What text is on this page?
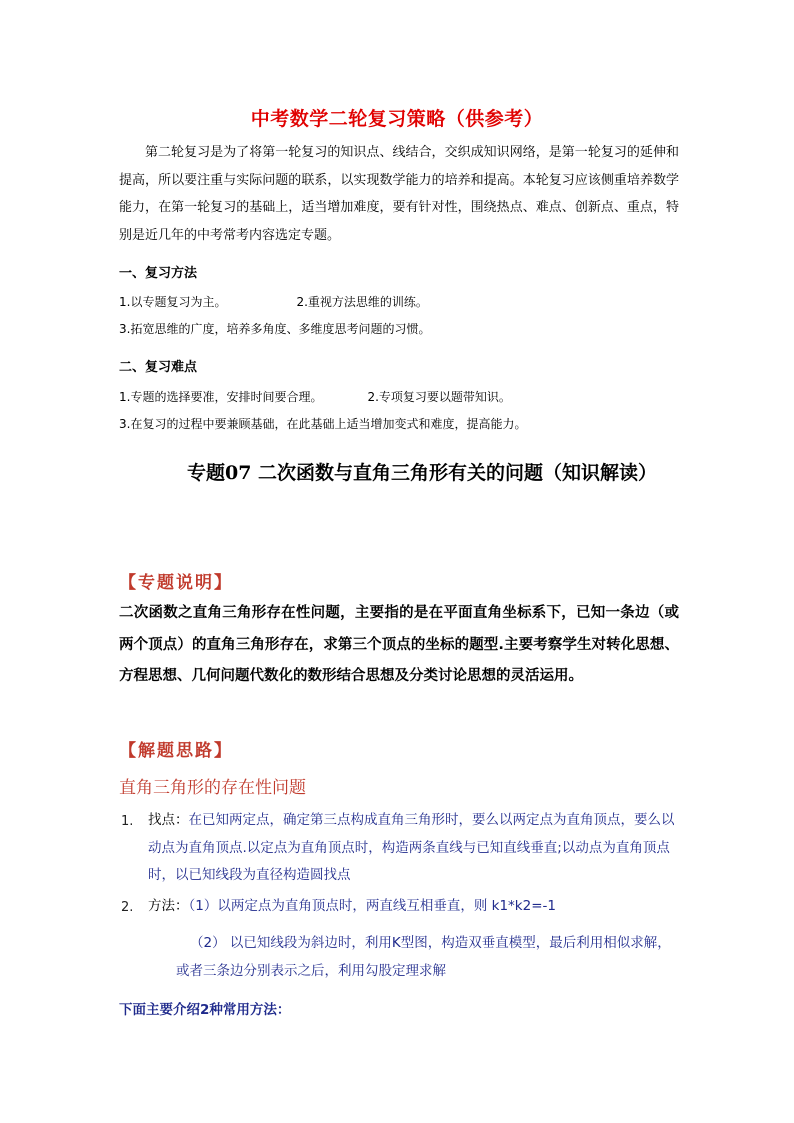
中考数学二轮复习策略（供参考）
第二轮复习是为了将第一轮复习的知识点、线结合，交织成知识网络，是第一轮复习的延伸和提高，所以要注重与实际问题的联系，以实现数学能力的培养和提高。本轮复习应该侧重培养数学能力，在第一轮复习的基础上，适当增加难度，要有针对性，围绕热点、难点、创新点、重点，特别是近几年的中考常考内容选定专题。
一、复习方法
1.以专题复习为主。	2.重视方法思维的训练。
3.拓宽思维的广度，培养多角度、多维度思考问题的习惯。
二、复习难点
1.专题的选择要准，安排时间要合理。	2.专项复习要以题带知识。
3.在复习的过程中要兼顾基础，在此基础上适当增加变式和难度，提高能力。
专题07 二次函数与直角三角形有关的问题（知识解读）
【专题说明】
二次函数之直角三角形存在性问题，主要指的是在平面直角坐标系下，已知一条边（或两个顶点）的直角三角形存在，求第三个顶点的坐标的题型.主要考察学生对转化思想、方程思想、几何问题代数化的数形结合思想及分类讨论思想的灵活运用。
【解题思路】
直角三角形的存在性问题
1. 找点：在已知两定点，确定第三点构成直角三角形时，要么以两定点为直角顶点，要么以动点为直角顶点.以定点为直角顶点时，构造两条直线与已知直线垂直;以动点为直角顶点时，以已知线段为直径构造圆找点
2. 方法：（1）以两定点为直角顶点时，两直线互相垂直，则 k1*k2=-1
（2） 以已知线段为斜边时，利用K型图，构造双垂直模型，最后利用相似求解，或者三条边分别表示之后，利用勾股定理求解
下面主要介绍2种常用方法：
